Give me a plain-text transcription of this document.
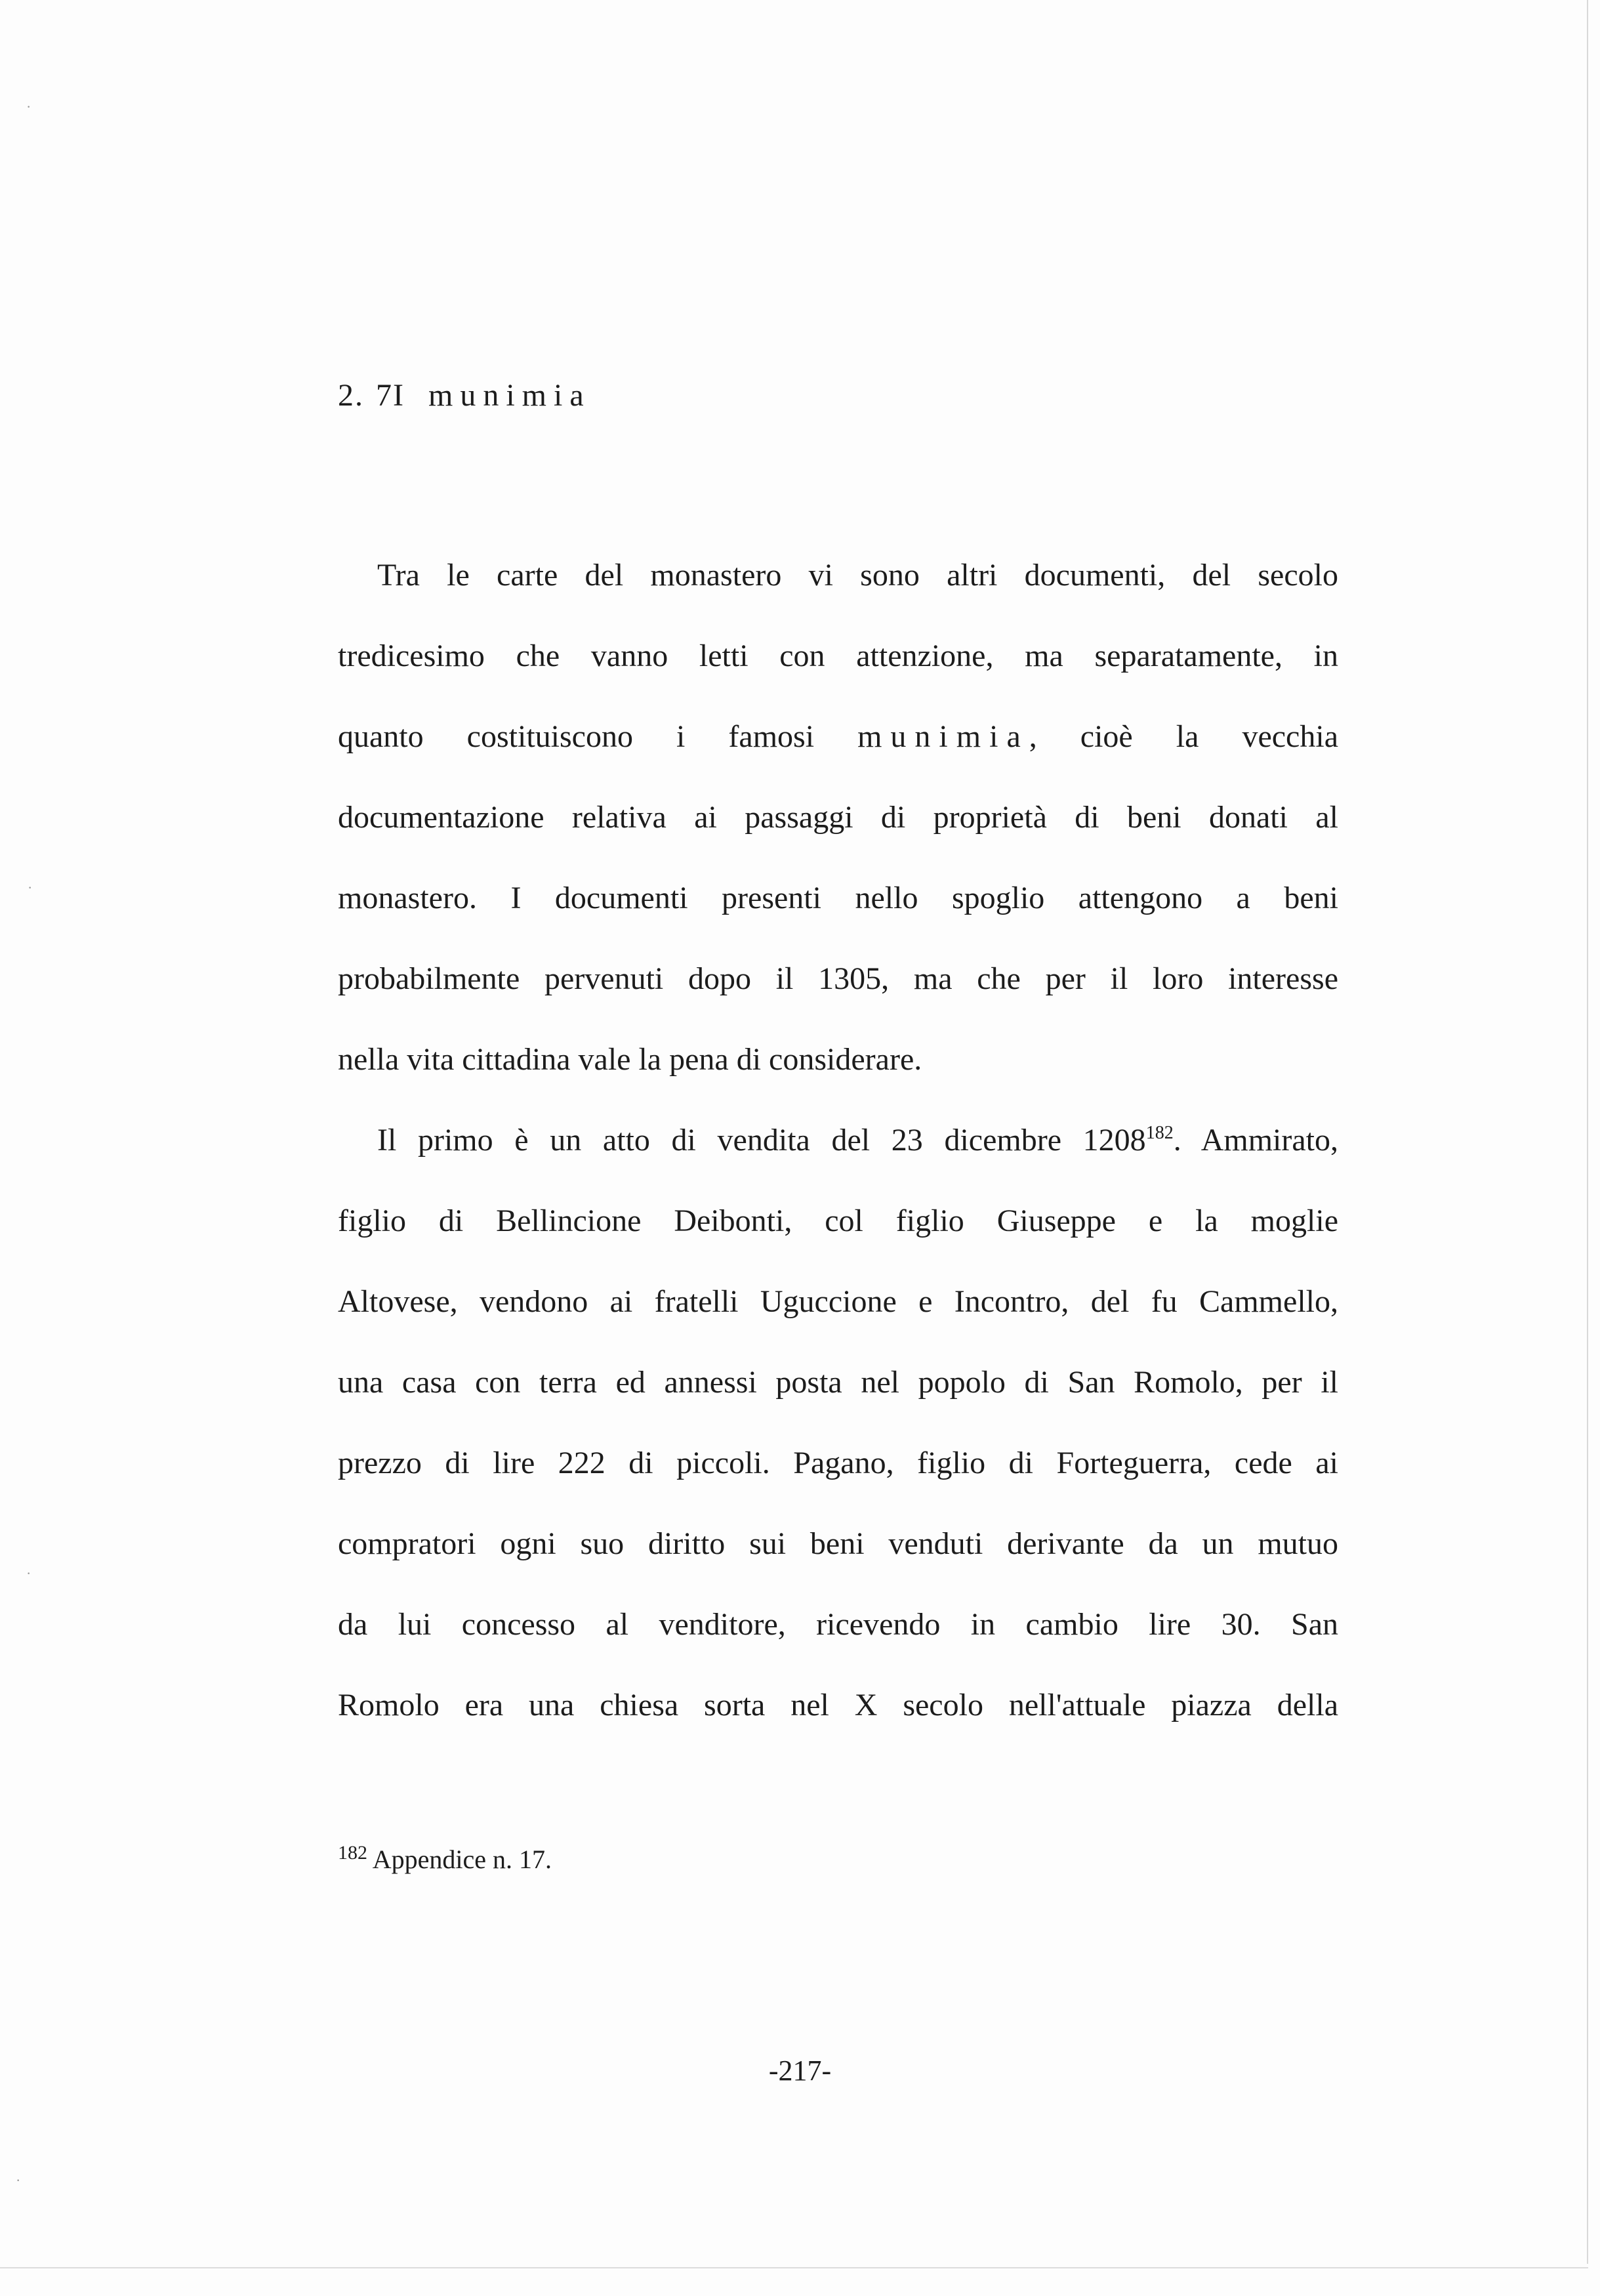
·
·
·
·
2. 7I munimia
Tra le carte del monastero vi sono altri documenti, del secolo
tredicesimo che vanno letti con attenzione, ma separatamente, in
quanto costituiscono i famosi munimia, cioè la vecchia
documentazione relativa ai passaggi di proprietà di beni donati al
monastero. I documenti presenti nello spoglio attengono a beni
probabilmente pervenuti dopo il 1305, ma che per il loro interesse
nella vita cittadina vale la pena di considerare.
Il primo è un atto di vendita del 23 dicembre 1208$^{182}$. Ammirato,
figlio di Bellincione Deibonti, col figlio Giuseppe e la moglie
Altovese, vendono ai fratelli Uguccione e Incontro, del fu Cammello,
una casa con terra ed annessi posta nel popolo di San Romolo, per il
prezzo di lire 222 di piccoli. Pagano, figlio di Forteguerra, cede ai
compratori ogni suo diritto sui beni venduti derivante da un mutuo
da lui concesso al venditore, ricevendo in cambio lire 30. San
Romolo era una chiesa sorta nel X secolo nell'attuale piazza della
$^{182}$ Appendice n. 17.
-217-
